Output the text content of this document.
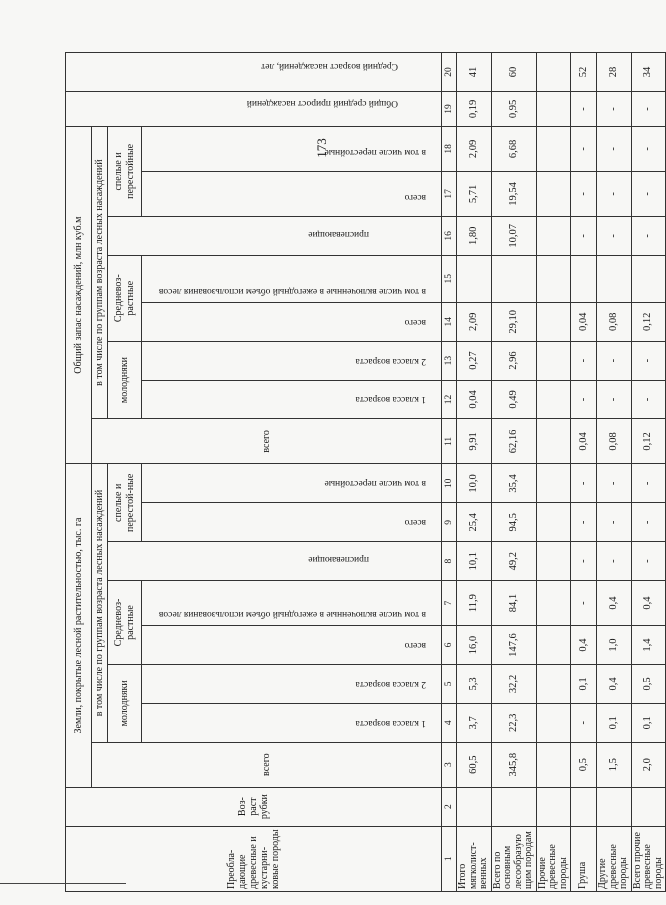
173
Преобла-дающие древесные и кустарни-ковые породы	Воз-раст рубки	Земли, покрытые лесной растительностью, тыс. га								Общий запас насаждений, млн куб.м								Общий средний прирост насаждений	Средний возраст насаждений, лет

		всего	в том числе по группам возраста лесных насаждений							всего	в том числе по группам возраста лесных насаждений								
			молодняки		Средневоз-растные		приспевающие	спелые и перестой-ные			молодняки		Средневоз-растные		приспевающие	спелые и перестойные			

			1 класса возраста	2 класса возраста	всего	в том числе включенные в ежегодный объем использования лесов		всего	в том числе перестойные		1 класса возраста	2 класса возраста	всего	в том числе включенные в ежегодный объем использования лесов		всего	в том числе перестойные		

1	2	3	4	5	6	7	8	9	10	11	12	13	14	15	16	17	18	19	20
Итого мягколист-венных		60,5	3,7	5,3	16,0	11,9	10,1	25,4	10,0	9,91	0,04	0,27	2,09		1,80	5,71	2,09	0,19	41
Всего по основным лесообразую щим породам		345,8	22,3	32,2	147,6	84,1	49,2	94,5	35,4	62,16	0,49	2,96	29,10		10,07	19,54	6,68	0,95	60
Прочие древесные породы																			
Груша		0,5	-	0,1	0,4	-	-	-	-	0,04	-	-	0,04		-	-	-	-	52
Другие древесные породы		1,5	0,1	0,4	1,0	0,4	-	-	-	0,08	-	-	0,08		-	-	-	-	28
Всего прочие древесные породы		2,0	0,1	0,5	1,4	0,4	-	-	-	0,12	-	-	0,12		-	-	-	-	34
